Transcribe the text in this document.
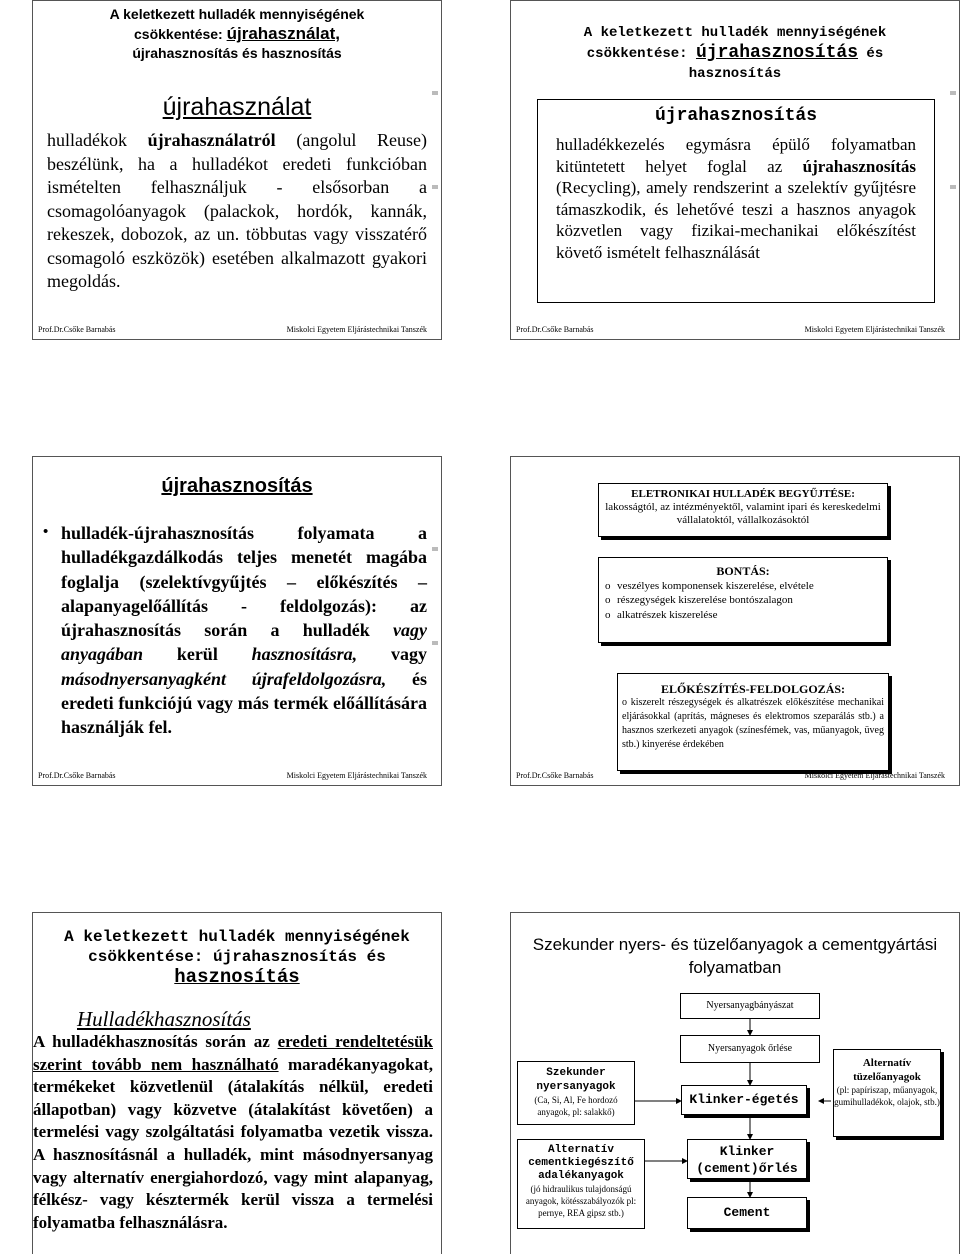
A keletkezett hulladék mennyiségének
csökkentése: újrahasználat,
újrahasznosítás és hasznosítás
újrahasználat
hulladékok újrahasználatról (angolul Reuse) beszélünk, ha a hulladékot eredeti funkcióban ismételten felhasználjuk - elsősorban a csomagolóanyagok (palackok, hordók, kannák, rekeszek, dobozok, az un. többutas vagy visszatérő csomagoló eszközök) esetében alkalmazott gyakori megoldás.
Prof.Dr.Csőke Barnabás	Miskolci Egyetem Eljárástechnikai Tanszék
A keletkezett hulladék mennyiségének
csökkentése: újrahasznosítás és
hasznosítás
újrahasznosítás
hulladékkezelés egymásra épülő folyamatban kitüntetett helyet foglal az újrahasznosítás (Recycling), amely rendszerint a szelektív gyűjtésre támaszkodik, és lehetővé teszi a hasznos anyagok közvetlen vagy fizikai-mechanikai előkészítést követő ismételt felhasználását
Prof.Dr.Csőke Barnabás	Miskolci Egyetem Eljárástechnikai Tanszék
újrahasznosítás
• hulladék-újrahasznosítás folyamata a hulladékgazdálkodás teljes menetét magába foglalja (szelektívgyűjtés – előkészítés – alapanyagelőállítás - feldolgozás): az újrahasznosítás során a hulladék vagy anyagában kerül hasznosításra, vagy másodnyersanyagként újrafeldolgozásra, és eredeti funkciójú vagy más termék előállítására használják fel.
Prof.Dr.Csőke Barnabás	Miskolci Egyetem Eljárástechnikai Tanszék
ELETRONIKAI HULLADÉK BEGYŰJTÉSE:
lakosságtól, az intézményektől, valamint ipari és kereskedelmi vállalatoktól, vállalkozásoktól
BONTÁS:
o veszélyes komponensek kiszerelése, elvétele
o részegységek kiszerelése bontószalagon
o alkatrészek kiszerelése
ELŐKÉSZÍTÉS-FELDOLGOZÁS:
o kiszerelt részegységek és alkatrészek előkészítése mechanikai eljárásokkal (aprítás, mágneses és elektromos szeparálás stb.) a hasznos szerkezeti anyagok (színesfémek, vas, műanyagok, üveg stb.) kinyerése érdekében
Prof.Dr.Csőke Barnabás	Miskolci Egyetem Eljárástechnikai Tanszék
A keletkezett hulladék mennyiségének
csökkentése: újrahasznosítás és
hasznosítás
Hulladékhasznosítás
A hulladékhasznosítás során az eredeti rendeltetésük szerint tovább nem használható maradékanyagokat, termékeket közvetlenül (átalakítás nélkül, eredeti állapotban) vagy közvetve (átalakítást követően) a termelési vagy szolgáltatási folyamatba vezetik vissza. A hasznosításnál a hulladék, mint másodnyersanyag vagy alternatív energiahordozó, vagy mint alapanyag, félkész- vagy késztermék kerül vissza a termelési folyamatba felhasználásra.
Szekunder nyers- és tüzelőanyagok a cementgyártási folyamatban
Nyersanyagbányászat
Nyersanyagok őrlése
Klinker-égetés
Klinker (cement)őrlés
Cement
Szekunder nyersanyagok
(Ca, Si, Al, Fe hordozó anyagok, pl: salakkő)
Alternatív cementkiegészítő adalékanyagok
(jó hidraulikus tulajdonságú anyagok, kötésszabályozók pl: pernye, REA gipsz stb.)
Alternatív tüzelőanyagok
(pl: papíriszap, műanyagok, gumihulladékok, olajok, stb.)
